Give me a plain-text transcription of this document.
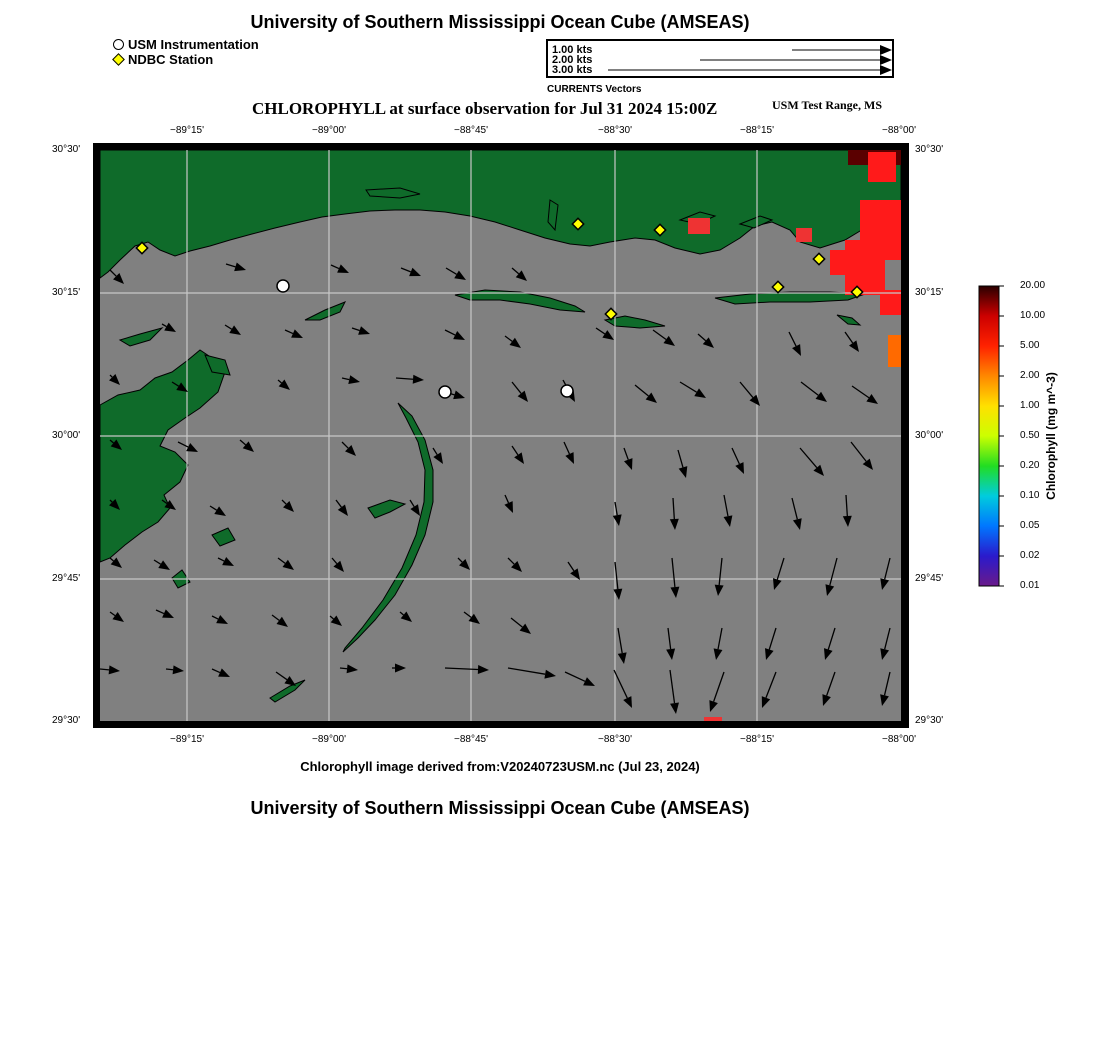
University of Southern Mississippi Ocean Cube (AMSEAS)
USM Instrumentation
NDBC Station
1.00 kts
2.00 kts
3.00 kts
CURRENTS Vectors
CHLOROPHYLL at surface observation for Jul 31 2024 15:00Z	USM Test Range, MS
−89°15'	−89°00'	−88°45'	−88°30'	−88°15'	−88°00'
−89°15'	−89°00'	−88°45'	−88°30'	−88°15'	−88°00'
30°30'
30°15'
30°00'
29°45'
29°30'
30°30'
30°15'
30°00'
29°45'
29°30'
20.00
10.00
5.00
2.00
1.00
0.50
0.20
0.10
0.05
0.02
0.01
Chlorophyll (mg m^-3)
Chlorophyll image derived from:V20240723USM.nc (Jul 23, 2024)
University of Southern Mississippi Ocean Cube (AMSEAS)
